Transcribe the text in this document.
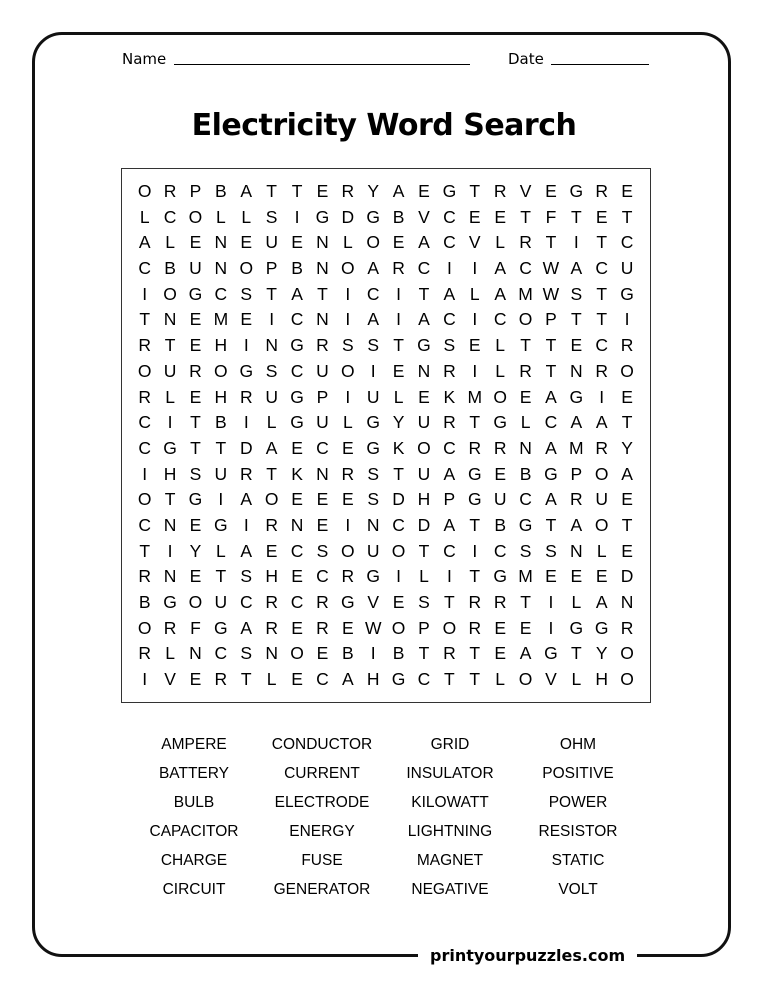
Name	Date
Electricity Word Search
O R P B A T T E R Y A E G T R V E G R E
L C O L L S I G D G B V C E E T F T E T
A L E N E U E N L O E A C V L R T	I	T C
C B U N O P B N O A R C I	I A C W A C U
I O G C S T A T	I C I	T A L A M W S T G
T N E M E I C N I A I A C I C O P T T	I
R T E H I N G R S S T G S E L T T E C R
O U R O G S C U O I E N R I	L R T N R O
R L E H R U G P I U L E K M O E A G I E
C I	T B I	L G U L G Y U R T G L C A A T
C G T T D A E C E G K O C R R N A M R Y
I H S U R T K N R S T U A G E B G P O A
O T G I A O E E E S D H P G U C A R U E
C N E G I R N E I N C D A T B G T A O T
T	I Y L A E C S O U O T C I C S S N L E
R N E T S H E C R G I	L	I	T G M E E E D
B G O U C R C R G V E S T R R T	I	L A N
O R F G A R E R E W O P O R E E I G G R
R L N C S N O E B I B T R T E A G T Y O
I V E R T L E C A H G C T T L O V L H O
AMPERE	CONDUCTOR	GRID	OHM
BATTERY	CURRENT	INSULATOR	POSITIVE
BULB	ELECTRODE	KILOWATT	POWER
CAPACITOR	ENERGY	LIGHTNING	RESISTOR
CHARGE	FUSE	MAGNET	STATIC
CIRCUIT	GENERATOR	NEGATIVE	VOLT
printyourpuzzles.com
